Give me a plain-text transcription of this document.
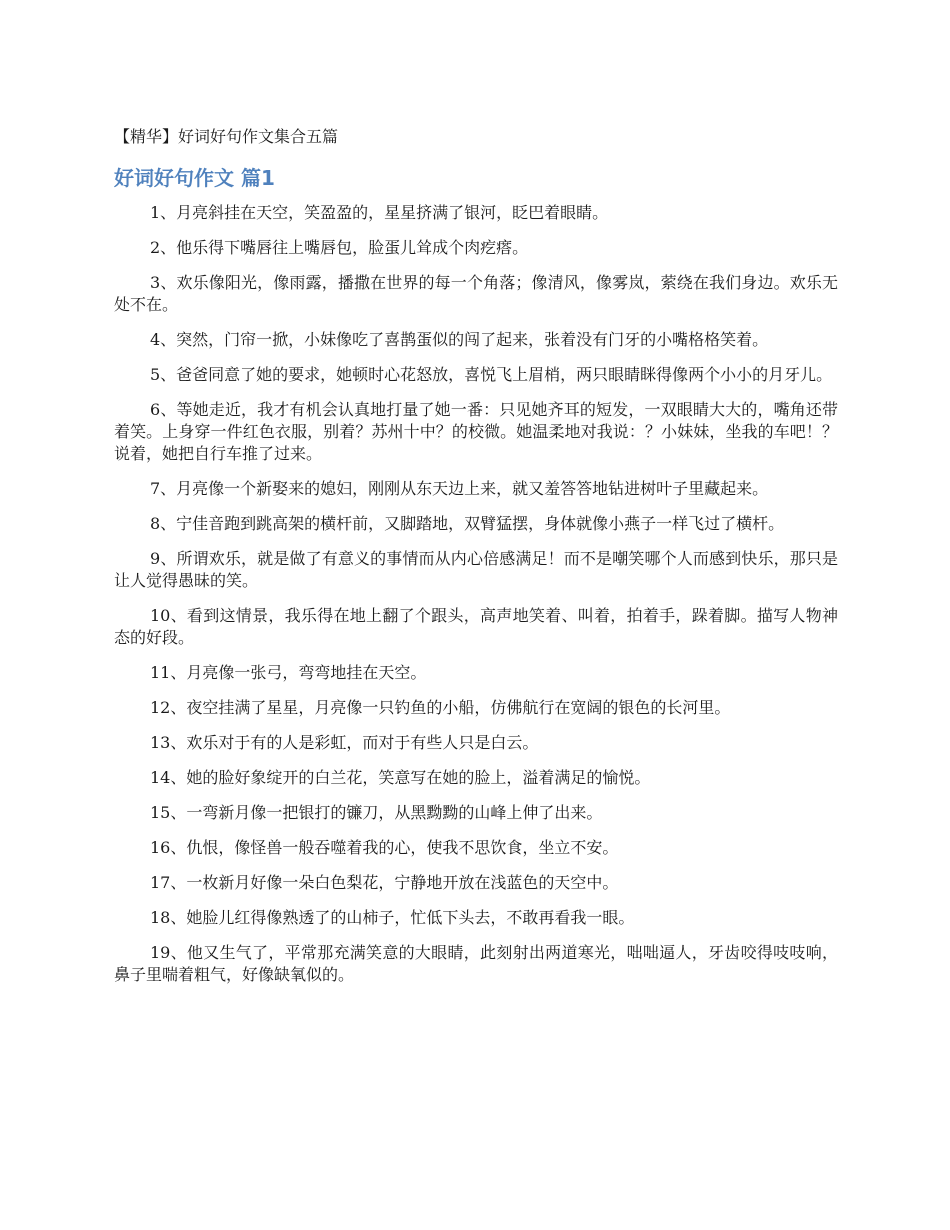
【精华】好词好句作文集合五篇
好词好句作文 篇1

1、月亮斜挂在天空，笑盈盈的，星星挤满了银河，眨巴着眼睛。

2、他乐得下嘴唇往上嘴唇包，脸蛋儿耸成个肉疙瘩。

3、欢乐像阳光，像雨露，播撒在世界的每一个角落；像清风，像雾岚，萦绕在我们身边。欢乐无处不在。

4、突然，门帘一掀，小妹像吃了喜鹊蛋似的闯了起来，张着没有门牙的小嘴格格笑着。

5、爸爸同意了她的要求，她顿时心花怒放，喜悦飞上眉梢，两只眼睛眯得像两个小小的月牙儿。

6、等她走近，我才有机会认真地打量了她一番：只见她齐耳的短发，一双眼睛大大的，嘴角还带着笑。上身穿一件红色衣服，别着？苏州十中？的校微。她温柔地对我说：？小妹妹，坐我的车吧！？说着，她把自行车推了过来。

7、月亮像一个新娶来的媳妇，刚刚从东天边上来，就又羞答答地钻进树叶子里藏起来。

8、宁佳音跑到跳高架的横杆前，又脚踏地，双臂猛摆，身体就像小燕子一样飞过了横杆。

9、所谓欢乐，就是做了有意义的事情而从内心倍感满足！而不是嘲笑哪个人而感到快乐，那只是让人觉得愚昧的笑。

10、看到这情景，我乐得在地上翻了个跟头，高声地笑着、叫着，拍着手，跺着脚。描写人物神态的好段。

11、月亮像一张弓，弯弯地挂在天空。

12、夜空挂满了星星，月亮像一只钓鱼的小船，仿佛航行在宽阔的银色的长河里。

13、欢乐对于有的人是彩虹，而对于有些人只是白云。

14、她的脸好象绽开的白兰花，笑意写在她的脸上，溢着满足的愉悦。

15、一弯新月像一把银打的镰刀，从黑黝黝的山峰上伸了出来。

16、仇恨，像怪兽一般吞噬着我的心，使我不思饮食，坐立不安。

17、一枚新月好像一朵白色梨花，宁静地开放在浅蓝色的天空中。

18、她脸儿红得像熟透了的山柿子，忙低下头去，不敢再看我一眼。

19、他又生气了，平常那充满笑意的大眼睛，此刻射出两道寒光，咄咄逼人，牙齿咬得吱吱响，鼻子里喘着粗气，好像缺氧似的。
